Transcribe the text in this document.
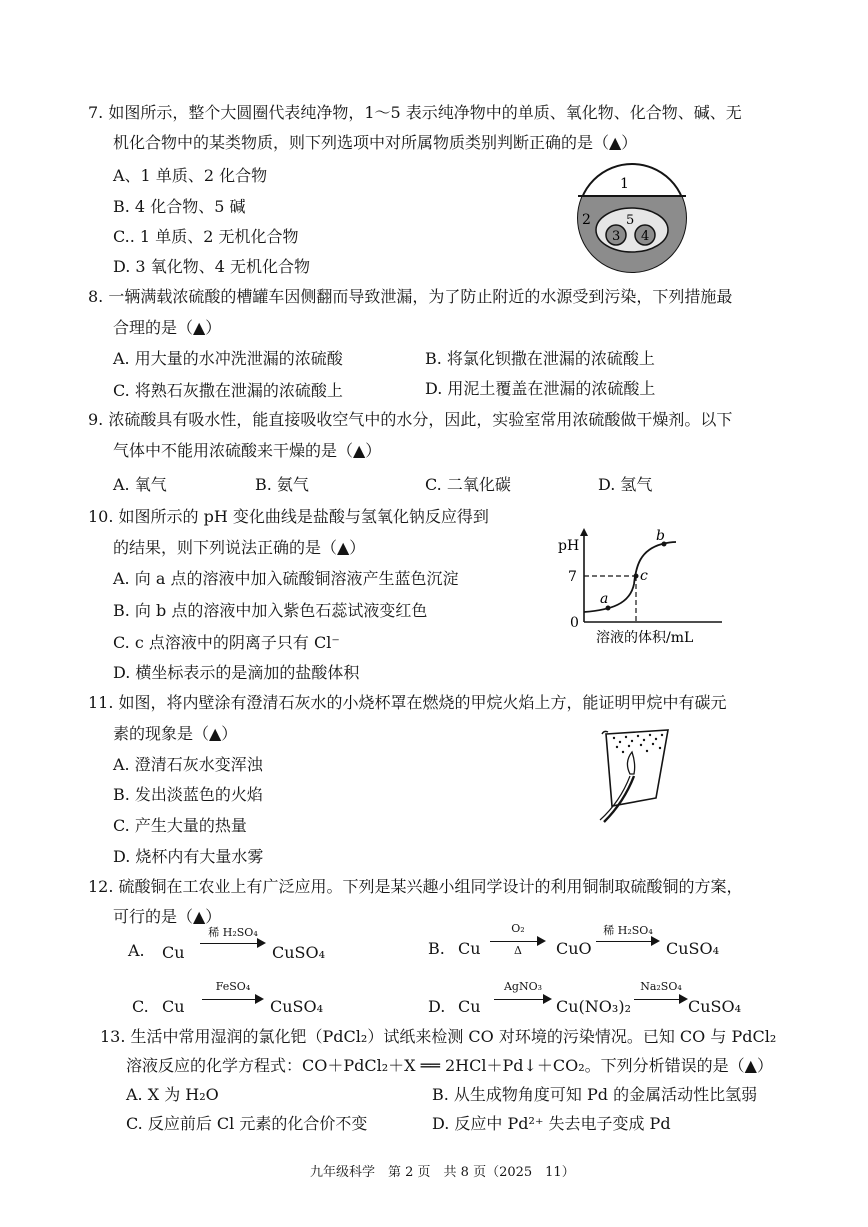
7. 如图所示，整个大圆圈代表纯净物，1～5 表示纯净物中的单质、氧化物、化合物、碱、无
机化合物中的某类物质，则下列选项中对所属物质类别判断正确的是（▲）
A、1 单质、2 化合物
B. 4 化合物、5 碱
C.. 1 单质、2 无机化合物
D. 3 氧化物、4 无机化合物
1
2	5
3 4
8. 一辆满载浓硫酸的槽罐车因侧翻而导致泄漏，为了防止附近的水源受到污染，下列措施最
合理的是（▲）
A. 用大量的水冲洗泄漏的浓硫酸	B. 将氯化钡撒在泄漏的浓硫酸上
C. 将熟石灰撒在泄漏的浓硫酸上	D. 用泥土覆盖在泄漏的浓硫酸上
9. 浓硫酸具有吸水性，能直接吸收空气中的水分，因此，实验室常用浓硫酸做干燥剂。以下
气体中不能用浓硫酸来干燥的是（▲）
A. 氧气	B. 氨气	C. 二氧化碳	D. 氢气
10. 如图所示的 pH 变化曲线是盐酸与氢氧化钠反应得到
的结果，则下列说法正确的是（▲）
A. 向 a 点的溶液中加入硫酸铜溶液产生蓝色沉淀
B. 向 b 点的溶液中加入紫色石蕊试液变红色
C. c 点溶液中的阴离子只有 Cl⁻
D. 横坐标表示的是滴加的盐酸体积
pH
7
0
a
b
c
溶液的体积/mL
11. 如图，将内壁涂有澄清石灰水的小烧杯罩在燃烧的甲烷火焰上方，能证明甲烷中有碳元
素的现象是（▲）
A. 澄清石灰水变浑浊
B. 发出淡蓝色的火焰
C. 产生大量的热量
D. 烧杯内有大量水雾
12. 硫酸铜在工农业上有广泛应用。下列是某兴趣小组同学设计的利用铜制取硫酸铜的方案，
可行的是（▲）
A. Cu
稀 H₂SO₄
CuSO₄	B. Cu
O₂
Δ	CuO
稀 H₂SO₄
CuSO₄
C. Cu
FeSO₄
CuSO₄	D. Cu
AgNO₃
Cu(NO₃)₂
Na₂SO₄
CuSO₄
13. 生活中常用湿润的氯化钯（PdCl₂）试纸来检测 CO 对环境的污染情况。已知 CO 与 PdCl₂
溶液反应的化学方程式：CO＋PdCl₂＋X ══ 2HCl＋Pd↓＋CO₂。下列分析错误的是（▲）
A. X 为 H₂O	B. 从生成物角度可知 Pd 的金属活动性比氢弱
C. 反应前后 Cl 元素的化合价不变	D. 反应中 Pd²⁺ 失去电子变成 Pd
九年级科学　第 2 页　共 8 页（2025　11）
